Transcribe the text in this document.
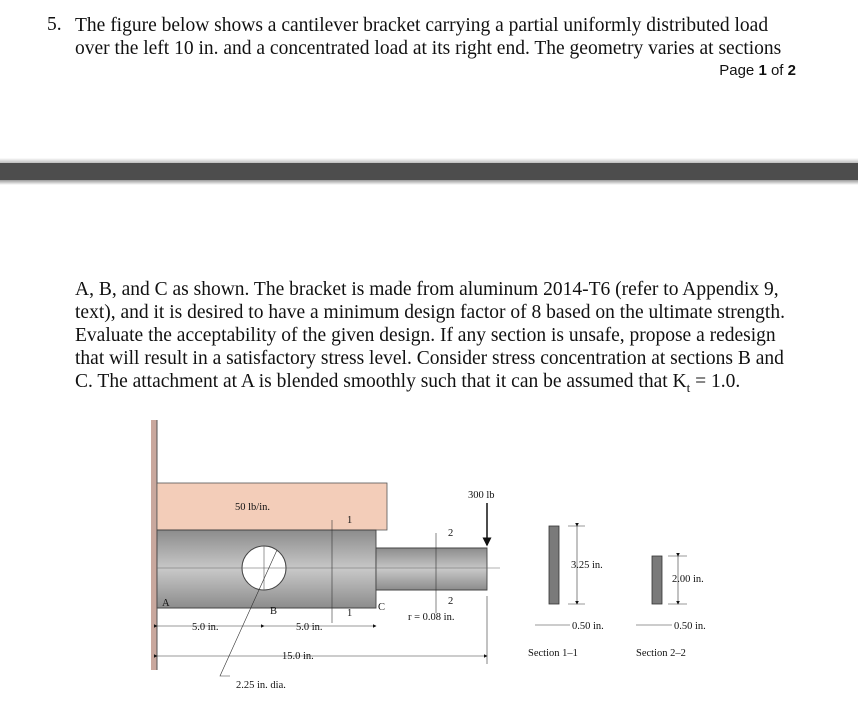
5. The figure below shows a cantilever bracket carrying a partial uniformly distributed load
over the left 10 in. and a concentrated load at its right end. The geometry varies at sections
Page 1 of 2
A, B, and C as shown. The bracket is made from aluminum 2014-T6 (refer to Appendix 9,
text), and it is desired to have a minimum design factor of 8 based on the ultimate strength.
Evaluate the acceptability of the given design. If any section is unsafe, propose a redesign
that will result in a satisfactory stress level. Consider stress concentration at sections B and
C. The attachment at A is blended smoothly such that it can be assumed that $K_t = 1.0$.
300 lb
50 lb/in.
1
1
2
2
A
B	C
r = 0.08 in.
5.0 in.	5.0 in.
15.0 in.
2.25 in. dia.
3.25 in.
0.50 in.
Section 1–1
2.00 in.
0.50 in.
Section 2–2
